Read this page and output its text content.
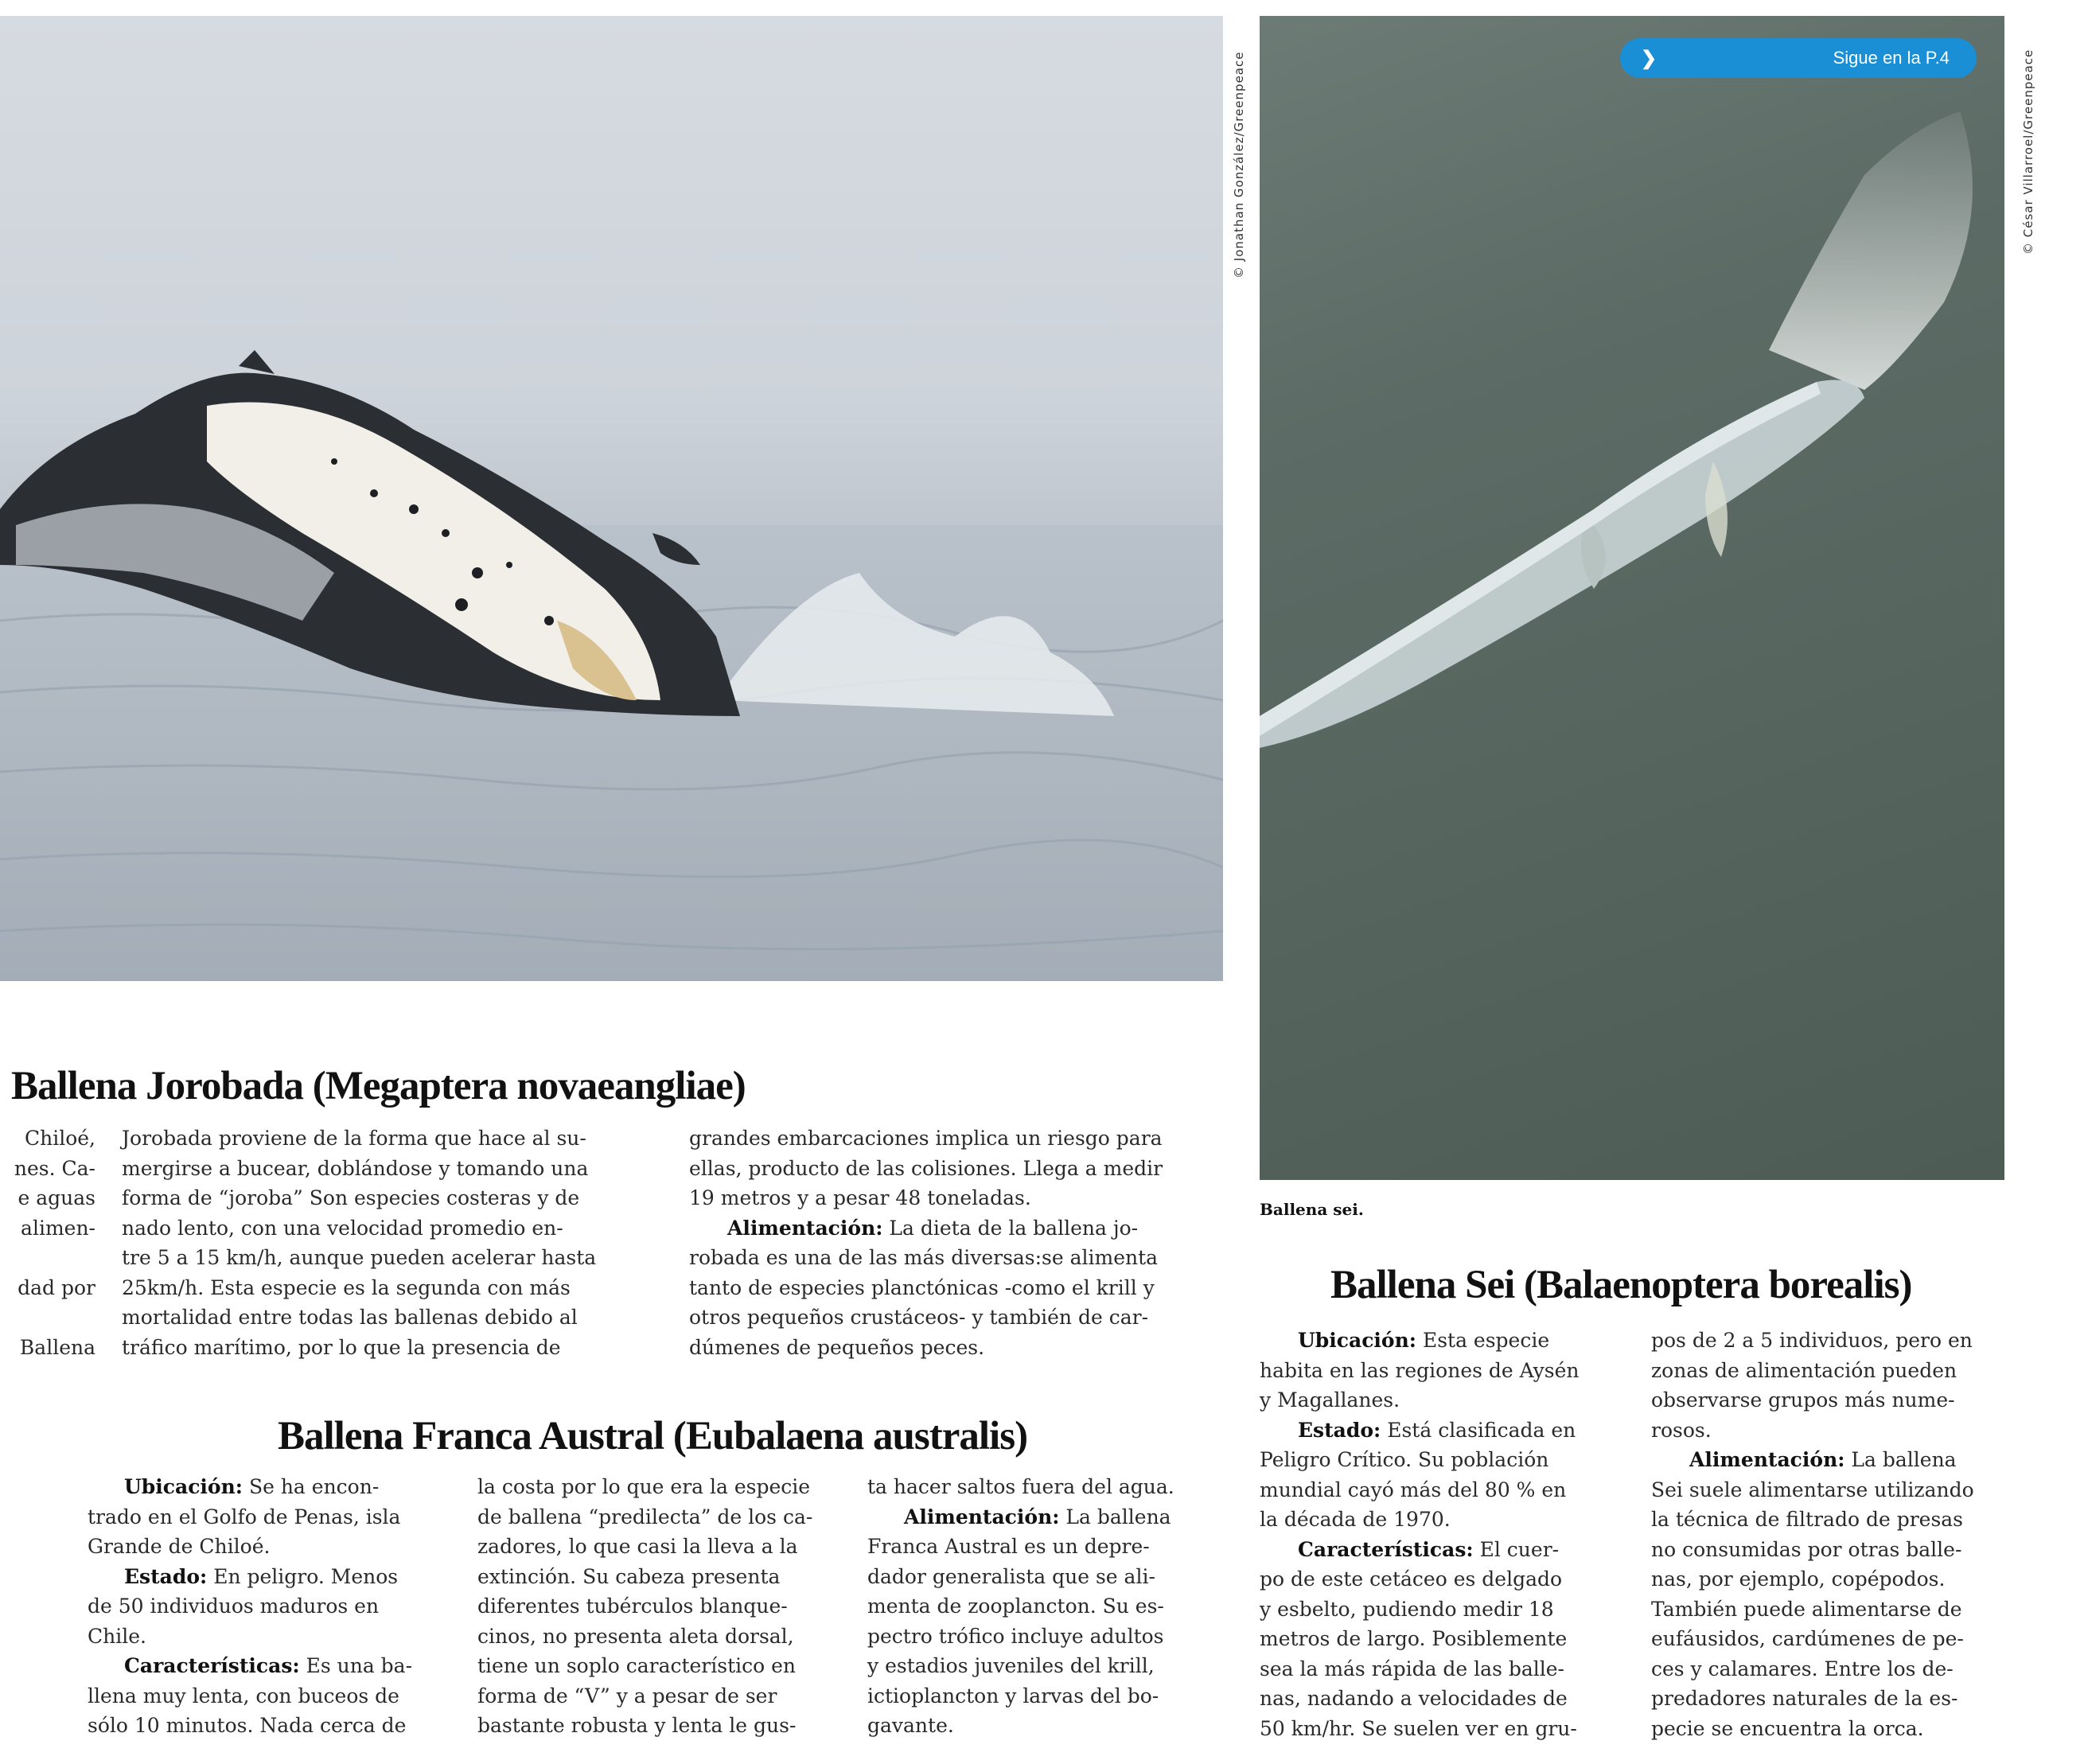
© Jonathan González/Greenpeace	© César Villarroel/Greenpeace
❯	Sigue en la P.4
Ballena sei.
Ballena Jorobada (Megaptera novaeangliae)

Chiloé,

nes. Ca-

e aguas

alimen-

dad por

Ballena

Jorobada proviene de la forma que hace al su-

mergirse a bucear, doblándose y tomando una

forma de “joroba” Son especies costeras y de

nado lento, con una velocidad promedio en-

tre 5 a 15 km/h, aunque pueden acelerar hasta

25km/h. Esta especie es la segunda con más

mortalidad entre todas las ballenas debido al

tráfico marítimo, por lo que la presencia de

grandes embarcaciones implica un riesgo para

ellas, producto de las colisiones. Llega a medir

19 metros y a pesar 48 toneladas.

Alimentación: La dieta de la ballena jo-

robada es una de las más diversas:se alimenta

tanto de especies planctónicas -como el krill y

otros pequeños crustáceos- y también de car-

dúmenes de pequeños peces.

Ballena Franca Austral (Eubalaena australis)

Ubicación: Se ha encon-

trado en el Golfo de Penas, isla

Grande de Chiloé.

Estado: En peligro. Menos

de 50 individuos maduros en

Chile.

Características: Es una ba-

llena muy lenta, con buceos de

sólo 10 minutos. Nada cerca de

la costa por lo que era la especie

de ballena “predilecta” de los ca-

zadores, lo que casi la lleva a la

extinción. Su cabeza presenta

diferentes tubérculos blanque-

cinos, no presenta aleta dorsal,

tiene un soplo característico en

forma de “V” y a pesar de ser

bastante robusta y lenta le gus-

ta hacer saltos fuera del agua.

Alimentación: La ballena

Franca Austral es un depre-

dador generalista que se ali-

menta de zooplancton. Su es-

pectro trófico incluye adultos

y estadios juveniles del krill,

ictioplancton y larvas del bo-

gavante.

Ballena Sei (Balaenoptera borealis)

Ubicación: Esta especie

habita en las regiones de Aysén

y Magallanes.

Estado: Está clasificada en

Peligro Crítico. Su población

mundial cayó más del 80 % en

la década de 1970.

Características: El cuer-

po de este cetáceo es delgado

y esbelto, pudiendo medir 18

metros de largo. Posiblemente

sea la más rápida de las balle-

nas, nadando a velocidades de

50 km/hr. Se suelen ver en gru-

pos de 2 a 5 individuos, pero en

zonas de alimentación pueden

observarse grupos más nume-

rosos.

Alimentación: La ballena

Sei suele alimentarse utilizando

la técnica de filtrado de presas

no consumidas por otras balle-

nas, por ejemplo, copépodos.

También puede alimentarse de

eufáusidos, cardúmenes de pe-

ces y calamares. Entre los de-

predadores naturales de la es-

pecie se encuentra la orca.
